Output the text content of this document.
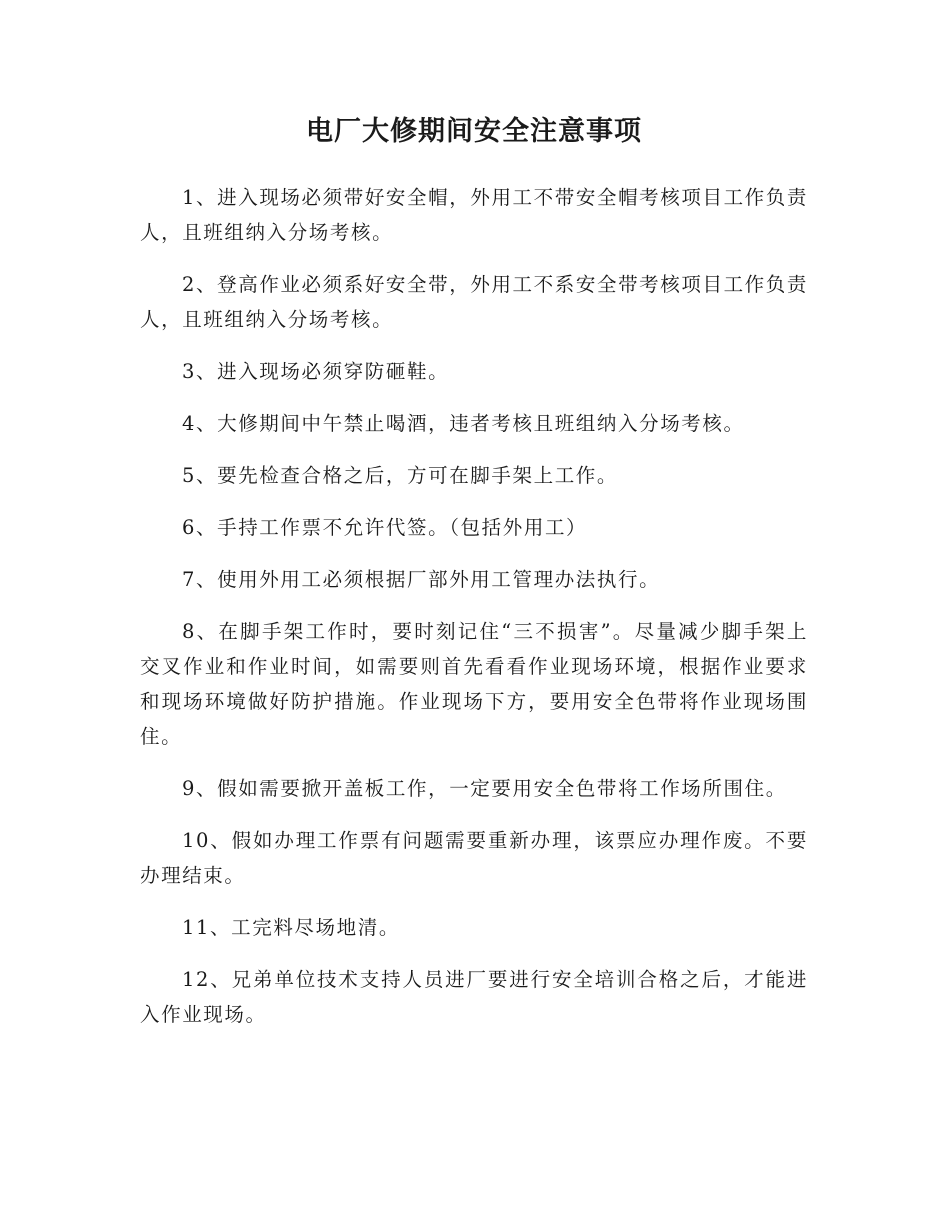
电厂大修期间安全注意事项

1、进入现场必须带好安全帽，外用工不带安全帽考核项目工作负责人，且班组纳入分场考核。

2、登高作业必须系好安全带，外用工不系安全带考核项目工作负责人，且班组纳入分场考核。

3、进入现场必须穿防砸鞋。

4、大修期间中午禁止喝酒，违者考核且班组纳入分场考核。

5、要先检查合格之后，方可在脚手架上工作。

6、手持工作票不允许代签。（包括外用工）

7、使用外用工必须根据厂部外用工管理办法执行。

8、在脚手架工作时，要时刻记住“三不损害”。尽量减少脚手架上交叉作业和作业时间，如需要则首先看看作业现场环境，根据作业要求和现场环境做好防护措施。作业现场下方，要用安全色带将作业现场围住。

9、假如需要掀开盖板工作，一定要用安全色带将工作场所围住。

10、假如办理工作票有问题需要重新办理，该票应办理作废。不要办理结束。

11、工完料尽场地清。

12、兄弟单位技术支持人员进厂要进行安全培训合格之后，才能进入作业现场。
